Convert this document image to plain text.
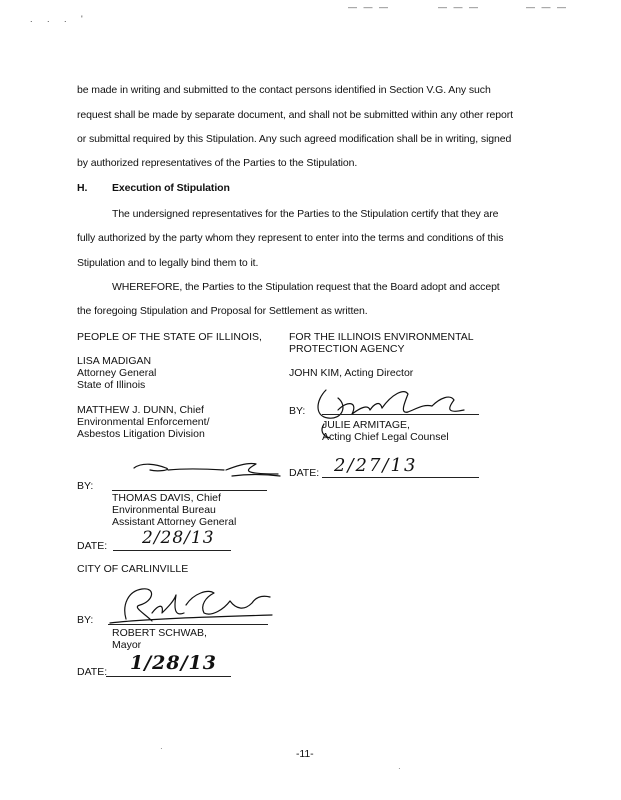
. . . '
— — —	— — —	— — —
be made in writing and submitted to the contact persons identified in Section V.G. Any such
request shall be made by separate document, and shall not be submitted within any other report
or submittal required by this Stipulation. Any such agreed modification shall be in writing, signed
by authorized representatives of the Parties to the Stipulation.
H. Execution of Stipulation
The undersigned representatives for the Parties to the Stipulation certify that they are
fully authorized by the party whom they represent to enter into the terms and conditions of this
Stipulation and to legally bind them to it.
WHEREFORE, the Parties to the Stipulation request that the Board adopt and accept
the foregoing Stipulation and Proposal for Settlement as written.
PEOPLE OF THE STATE OF ILLINOIS,
LISA MADIGAN
Attorney General
State of Illinois
MATTHEW J. DUNN, Chief
Environmental Enforcement/
Asbestos Litigation Division
BY:
THOMAS DAVIS, Chief
Environmental Bureau
Assistant Attorney General
DATE: 2/28/13
FOR THE ILLINOIS ENVIRONMENTAL
PROTECTION AGENCY
JOHN KIM, Acting Director
BY:
JULIE ARMITAGE,
Acting Chief Legal Counsel
DATE: 2/27/13
CITY OF CARLINVILLE
BY:
ROBERT SCHWAB,
Mayor
DATE: 1/28/13
-11-
·
·
